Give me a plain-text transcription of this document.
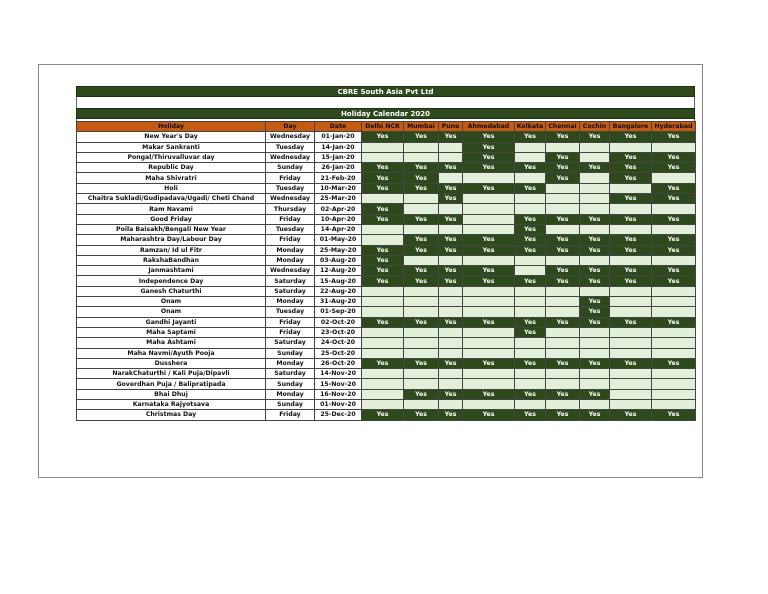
CBRE South Asia Pvt Ltd
Holiday Calendar 2020
Holiday	Day	Date	Delhi NCR	Mumbai	Pune	Ahmedabad	Kolkata	Chennai	Cochin	Bangalore	Hyderabad
New Year's Day	Wednesday	01-Jan-20	Yes	Yes	Yes	Yes	Yes	Yes	Yes	Yes	Yes
Makar Sankranti	Tuesday	14-Jan-20				Yes					
Pongal/Thiruvalluvar day	Wednesday	15-Jan-20				Yes		Yes		Yes	Yes
Republic Day	Sunday	26-Jan-20	Yes	Yes	Yes	Yes	Yes	Yes	Yes	Yes	Yes
Maha Shivratri	Friday	21-Feb-20	Yes	Yes				Yes		Yes	
Holi	Tuesday	10-Mar-20	Yes	Yes	Yes	Yes	Yes				Yes
Chaitra Sukladi/Gudipadava/Ugadi/ Cheti Chand	Wednesday	25-Mar-20			Yes					Yes	Yes
Ram Navami	Thursday	02-Apr-20	Yes								
Good Friday	Friday	10-Apr-20	Yes	Yes	Yes		Yes	Yes	Yes	Yes	Yes
Poila Baisakh/Bengali New Year	Tuesday	14-Apr-20					Yes				
Maharashtra Day/Labour Day	Friday	01-May-20		Yes	Yes	Yes	Yes	Yes	Yes	Yes	Yes
Ramzan/ Id ul Fitr	Monday	25-May-20	Yes	Yes	Yes	Yes	Yes	Yes	Yes	Yes	Yes
RakshaBandhan	Monday	03-Aug-20	Yes								
Janmashtami	Wednesday	12-Aug-20	Yes	Yes	Yes	Yes		Yes	Yes	Yes	Yes
Independence Day	Saturday	15-Aug-20	Yes	Yes	Yes	Yes	Yes	Yes	Yes	Yes	Yes
Ganesh Chaturthi	Saturday	22-Aug-20									
Onam	Monday	31-Aug-20							Yes		
Onam	Tuesday	01-Sep-20							Yes		
Gandhi Jayanti	Friday	02-Oct-20	Yes	Yes	Yes	Yes	Yes	Yes	Yes	Yes	Yes
Maha Saptami	Friday	23-Oct-20					Yes				
Maha Ashtami	Saturday	24-Oct-20									
Maha Navmi/Ayuth Pooja	Sunday	25-Oct-20									
Dusshera	Monday	26-Oct-20	Yes	Yes	Yes	Yes	Yes	Yes	Yes	Yes	Yes
NarakChaturthi / Kali Puja/Dipavli	Saturday	14-Nov-20									
Goverdhan Puja / Balipratipada	Sunday	15-Nov-20									
Bhai Dhuj	Monday	16-Nov-20		Yes	Yes	Yes	Yes	Yes	Yes		
Karnataka Rajyotsava	Sunday	01-Nov-20									
Christmas Day	Friday	25-Dec-20	Yes	Yes	Yes	Yes	Yes	Yes	Yes	Yes	Yes
